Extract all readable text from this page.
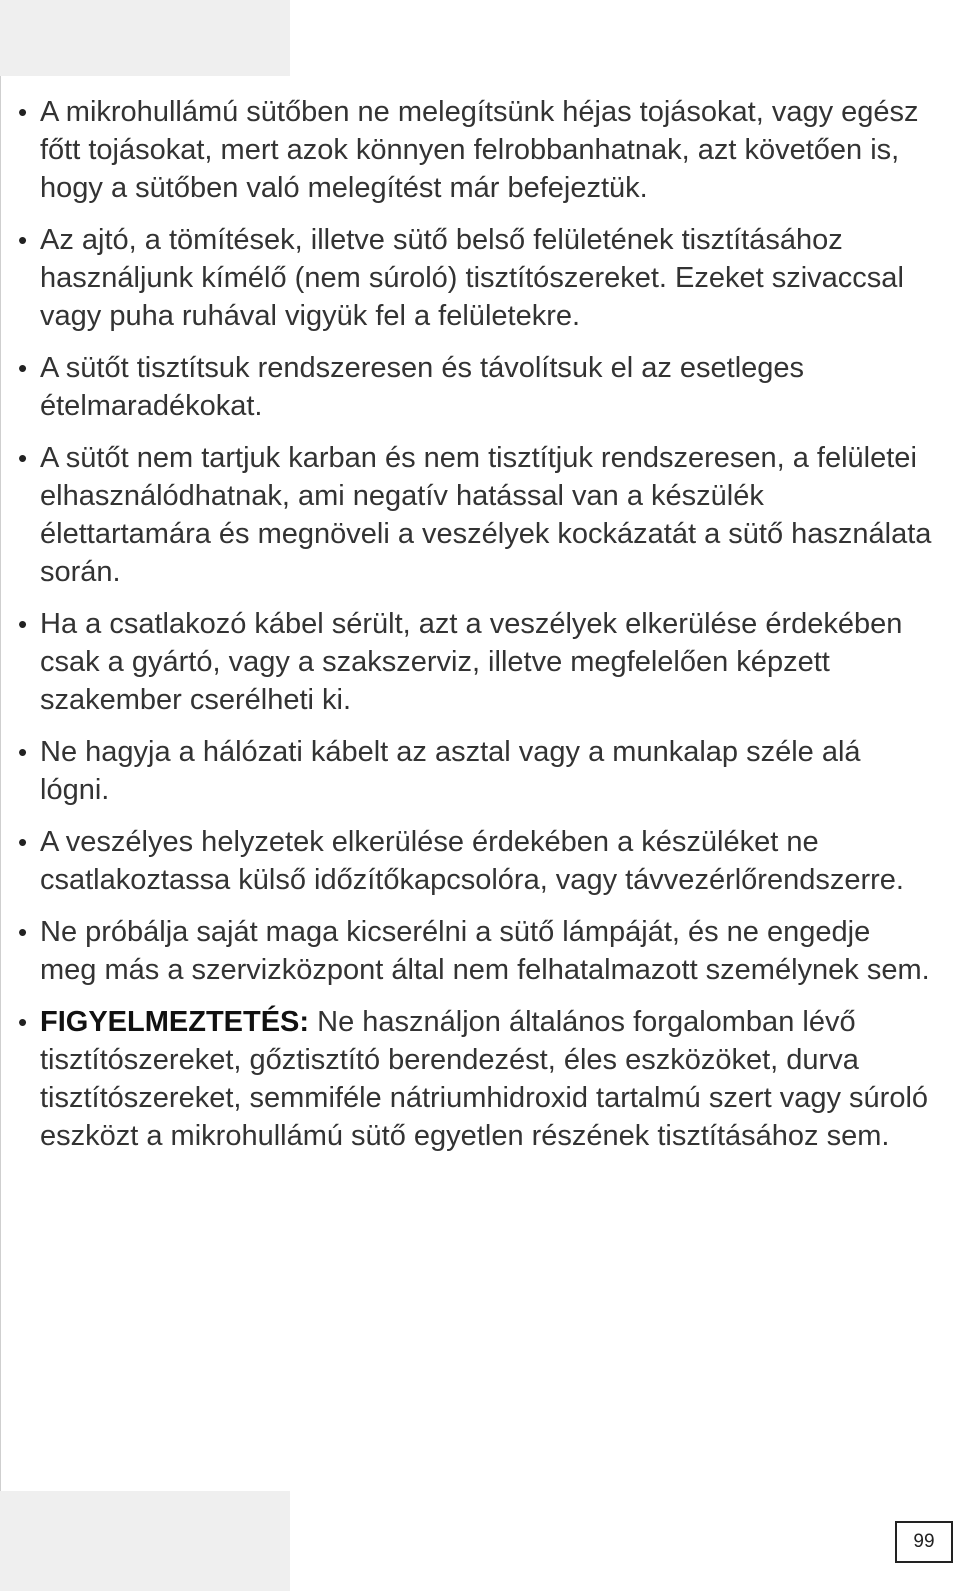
• A mikrohullámú sütőben ne melegítsünk héjas tojásokat, vagy egész főtt tojásokat, mert azok könnyen felrobbanhatnak, azt követően is, hogy a sütőben való melegítést már befejeztük.
• Az ajtó, a tömítések, illetve sütő belső felületének tisztításához használjunk kímélő (nem súroló) tisztítószereket. Ezeket szivaccsal vagy puha ruhával vigyük fel a felületekre.
• A sütőt tisztítsuk rendszeresen és távolítsuk el az esetleges ételmaradékokat.
• A sütőt nem tartjuk karban és nem tisztítjuk rendszeresen, a felületei elhasználódhatnak, ami negatív hatással van a készülék élettartamára és megnöveli a veszélyek kockázatát a sütő használata során.
• Ha a csatlakozó kábel sérült, azt a veszélyek elkerülése érdekében csak a gyártó, vagy a szakszerviz, illetve megfelelően képzett szakember cserélheti ki.
• Ne hagyja a hálózati kábelt az asztal vagy a munkalap széle alá lógni.
• A veszélyes helyzetek elkerülése érdekében a készüléket ne csatlakoztassa külső időzítőkapcsolóra, vagy távvezérlőrendszerre.
• Ne próbálja saját maga kicserélni a sütő lámpáját, és ne engedje meg más a szervizközpont által nem felhatalmazott személynek sem.
• FIGYELMEZTETÉS: Ne használjon általános forgalomban lévő tisztítószereket, gőztisztító berendezést, éles eszközöket, durva tisztítószereket, semmiféle nátriumhidroxid tartalmú szert vagy súroló eszközt a mikrohullámú sütő egyetlen részének tisztításához sem.
99
